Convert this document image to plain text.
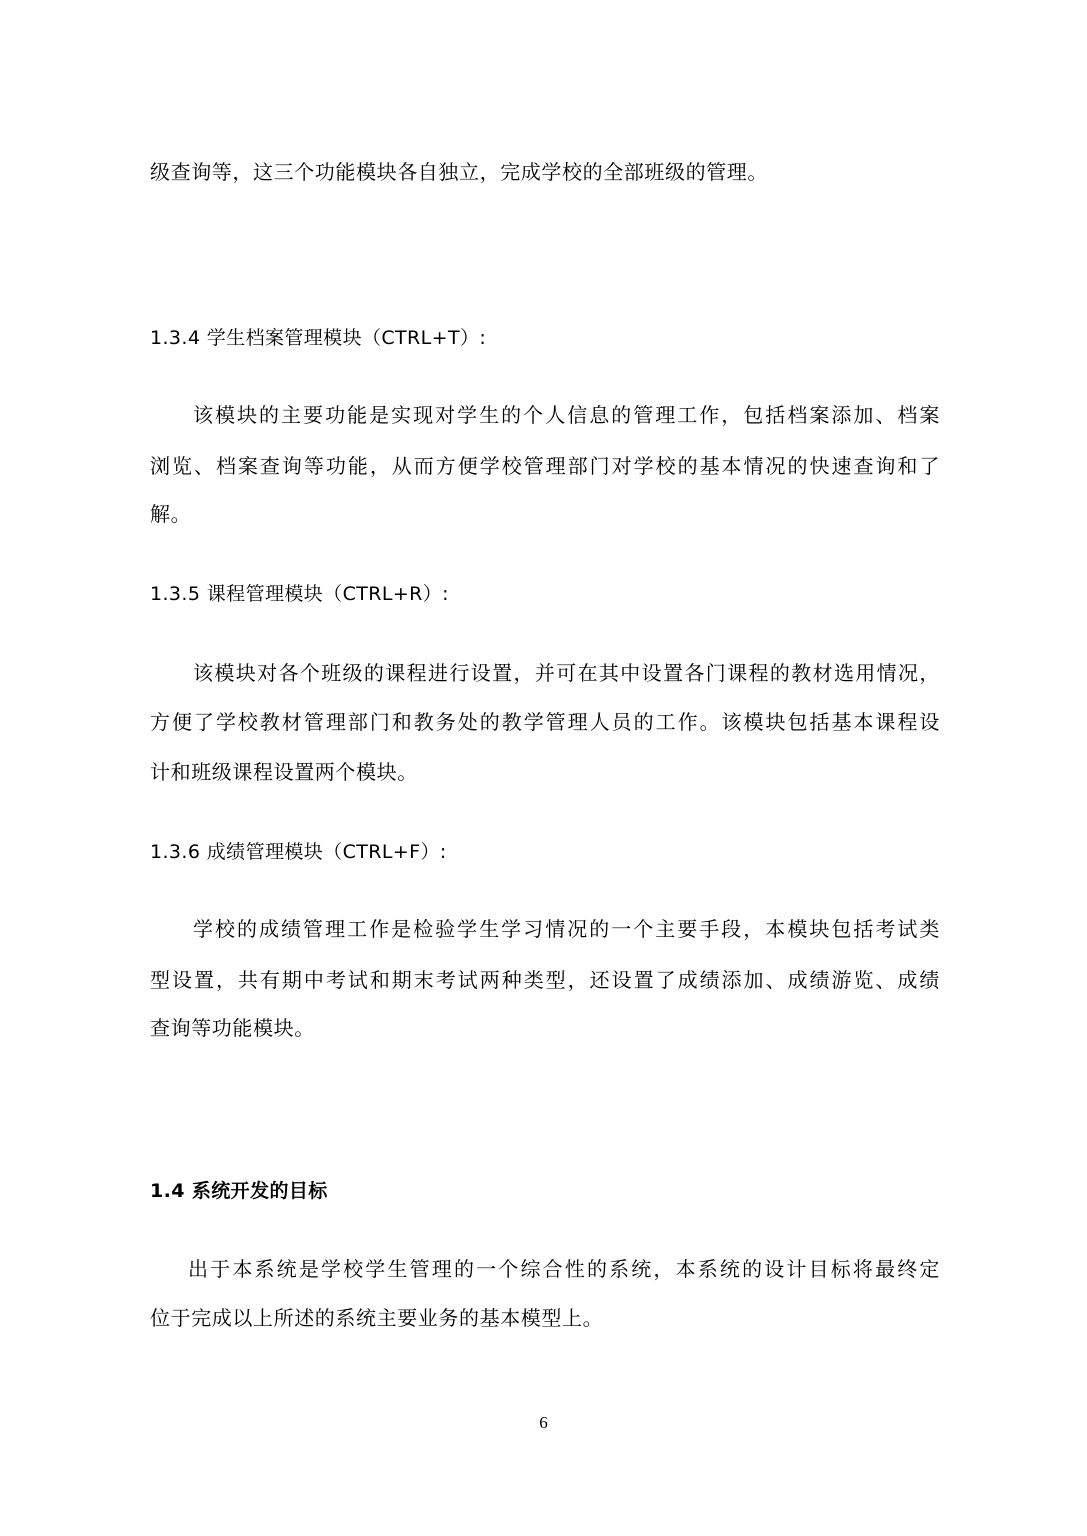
级查询等，这三个功能模块各自独立，完成学校的全部班级的管理。
1.3.4 学生档案管理模块（CTRL+T）:
该模块的主要功能是实现对学生的个人信息的管理工作，包括档案添加、档案
浏览、档案查询等功能，从而方便学校管理部门对学校的基本情况的快速查询和了
解。
1.3.5 课程管理模块（CTRL+R）:
该模块对各个班级的课程进行设置，并可在其中设置各门课程的教材选用情况，
方便了学校教材管理部门和教务处的教学管理人员的工作。该模块包括基本课程设
计和班级课程设置两个模块。
1.3.6 成绩管理模块（CTRL+F）:
学校的成绩管理工作是检验学生学习情况的一个主要手段，本模块包括考试类
型设置，共有期中考试和期末考试两种类型，还设置了成绩添加、成绩游览、成绩
查询等功能模块。
1.4 系统开发的目标
出于本系统是学校学生管理的一个综合性的系统，本系统的设计目标将最终定
位于完成以上所述的系统主要业务的基本模型上。
6
